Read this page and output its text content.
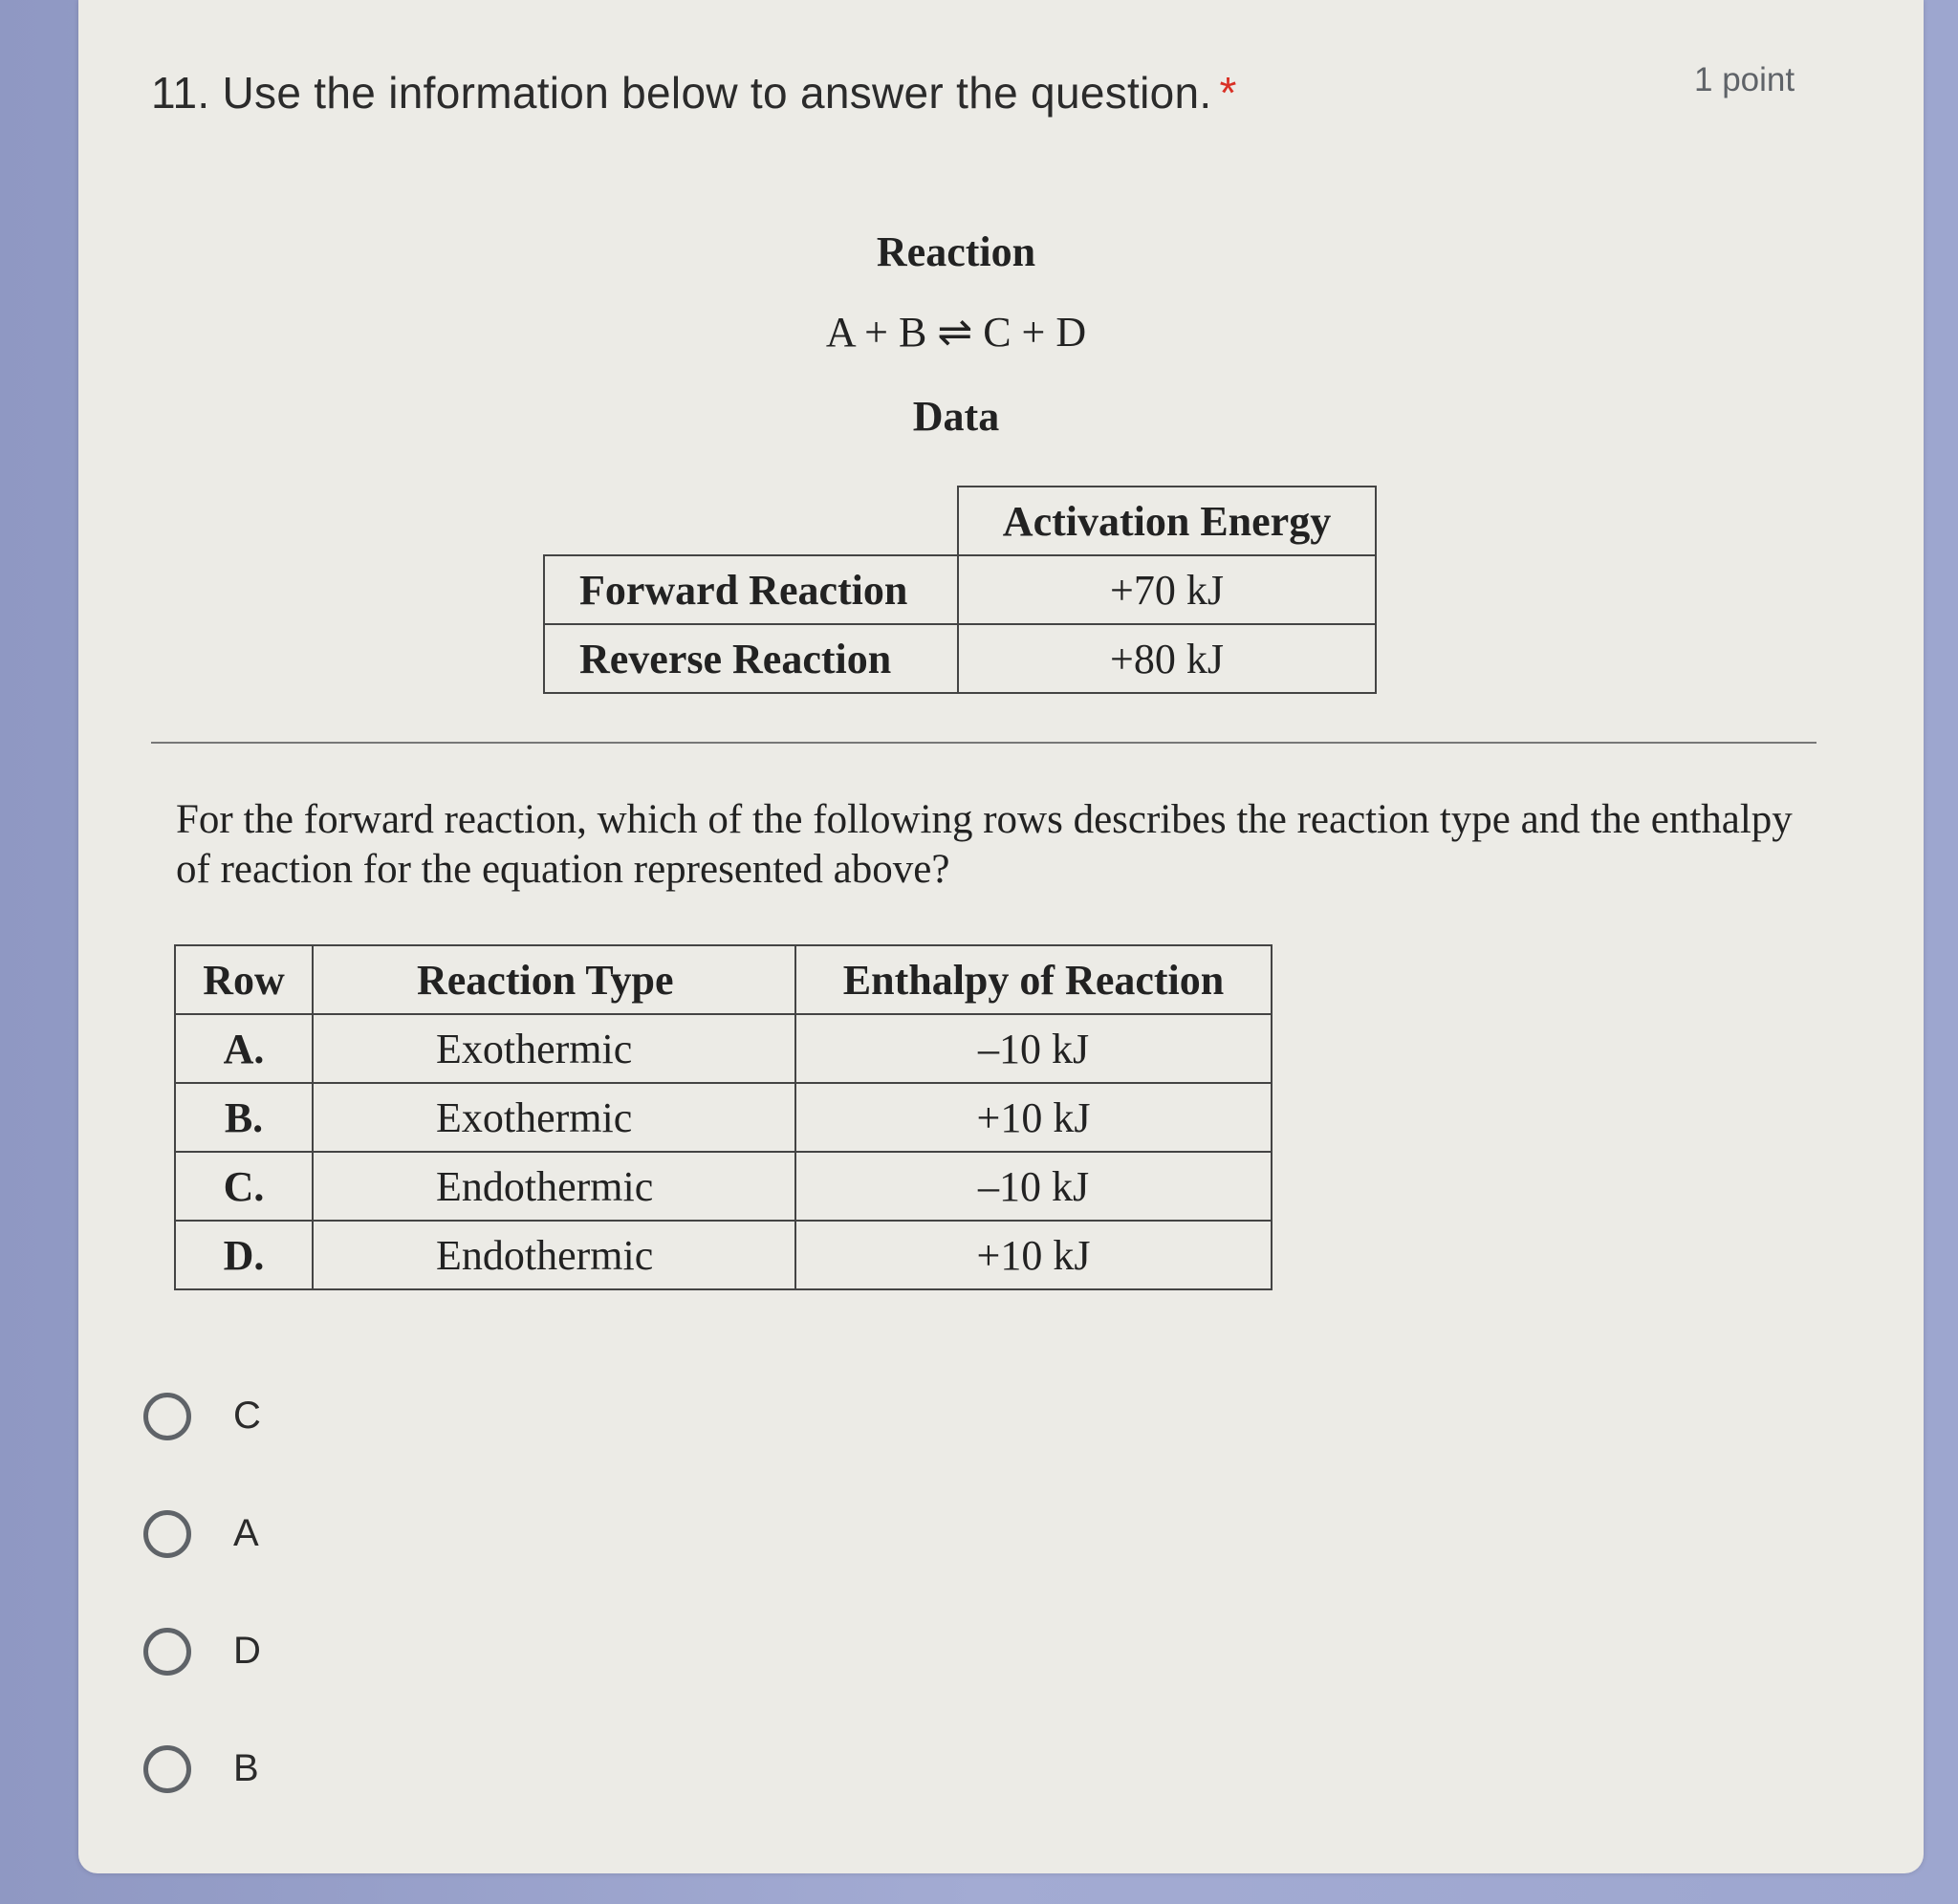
11. Use the information below to answer the question. *	1 point
Reaction
A + B ⇌ C + D
Data
	Activation Energy
Forward Reaction	+70 kJ
Reverse Reaction	+80 kJ
For the forward reaction, which of the following rows describes the reaction type and the enthalpy of reaction for the equation represented above?
Row	Reaction Type	Enthalpy of Reaction
A.	Exothermic	–10 kJ
B.	Exothermic	+10 kJ
C.	Endothermic	–10 kJ
D.	Endothermic	+10 kJ
C
A
D
B
